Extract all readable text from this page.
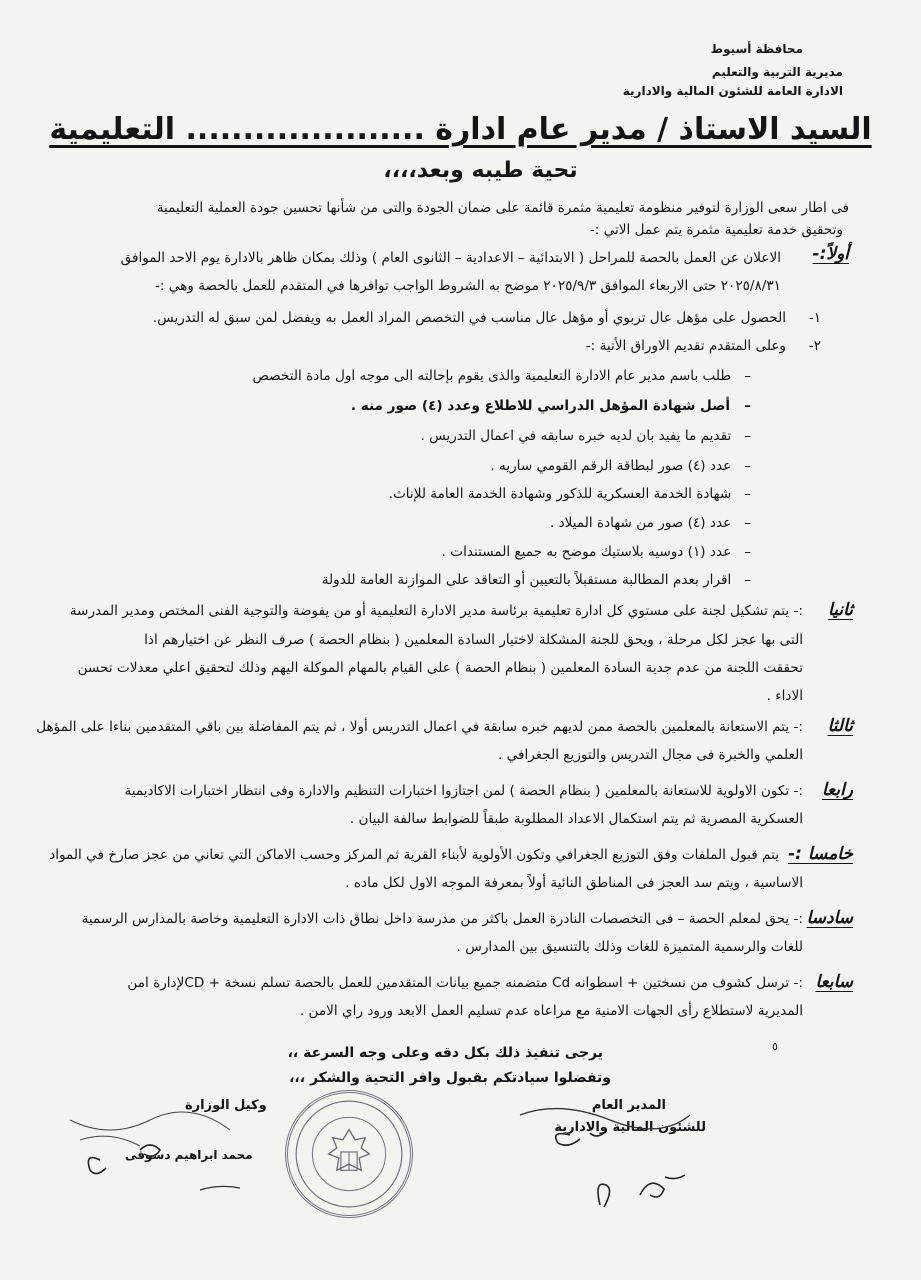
محافظة أسيوط
مديرية التربية والتعليم
الادارة العامة للشئون المالية والادارية
السيد الاستاذ / مدير عام ادارة ..................... التعليمية
تحية طيبه وبعد،،،،
فى اطار سعى الوزارة لتوفير منظومة تعليمية مثمرة قائمة على ضمان الجودة والتى من شأنها تحسين جودة العملية التعليمية
وتحقيق خدمة تعليمية مثمرة يتم عمل الاتي :-
أولاً:-
الاعلان عن العمل بالحصة للمراحل ( الابتدائية – الاعدادية – الثانوى العام ) وذلك بمكان ظاهر بالادارة يوم الاحد الموافق
٢٠٢٥/٨/٣١ حتى الاربعاء الموافق ٢٠٢٥/٩/٣ موضح به الشروط الواجب توافرها في المتقدم للعمل بالحصة وهي :-
١-
الحصول على مؤهل عال تربوي أو مؤهل عال مناسب في التخصص المراد العمل به ويفضل لمن سبق له التدريس.
٢-
وعلى المتقدم تقديم الاوراق الأتية :-
–   طلب باسم مدير عام الادارة التعليمية والذى يقوم بإحالته الى موجه اول مادة التخصص
–   أصل شهادة المؤهل الدراسي للاطلاع وعدد (٤) صور منه .
–   تقديم ما يفيد بان لديه خبره سابقه في اعمال التدريس .
–   عدد (٤) صور لبطاقة الرقم القومي ساريه .
–   شهادة الخدمة العسكرية للذكور وشهادة الخدمة العامة للإناث.
–   عدد (٤) صور من شهادة الميلاد .
–   عدد (١) دوسيه بلاستيك موضح به جميع المستندات .
–   اقرار بعدم المطالبة مستقبلاً بالتعيين أو التعاقد على الموازنة العامة للدولة
ثانيا
:- يتم تشكيل لجنة على مستوي كل ادارة تعليمية برئاسة مدير الادارة التعليمية أو من يفوضة والتوجية الفنى المختص ومدير المدرسة
التى بها عجز لكل مرحلة ، ويحق للجنة المشكلة لاختيار السادة المعلمين ( بنظام الحصة ) صرف النظر عن اختيارهم اذا
تحققت اللجنة من عدم جدية السادة المعلمين ( بنظام الحصة ) على القيام بالمهام الموكلة اليهم وذلك لتحقيق اعلي معدلات تحسن
الاداء .
ثالثا
:- يتم الاستعانة بالمعلمين بالحصة ممن لديهم خبره سابقة في اعمال التدريس أولا ، ثم يتم المفاضلة بين باقي المتقدمين بناءا على المؤهل
العلمي والخبرة فى مجال التدريس والتوزيع الجغرافي .
رابعا
:- تكون الاولوية للاستعانة بالمعلمين ( بنظام الحصة ) لمن اجتازوا اختبارات التنظيم والادارة وفى انتظار اختبارات الاكاديمية
العسكرية المصرية ثم يتم استكمال الاعداد المطلوبة طبقاً للضوابط سالفة البيان .
خامسا :-
يتم قبول الملفات وفق التوزيع الجغرافي وتكون الأولوية لأبناء القرية ثم المركز وحسب الاماكن التي تعاني من عجز صارخ في المواد
الاساسية ، ويتم سد العجز فى المناطق النائية أولاً بمعرفة الموجه الاول لكل ماده .
سادسا
:- يحق لمعلم الحصة – فى التخصصات النادرة العمل باكثر من مدرسة داخل نطاق ذات الادارة التعليمية وخاصة بالمدارس الرسمية
للغات والرسمية المتميزة للغات وذلك بالتنسيق بين المدارس .
سابعا
:- ترسل كشوف من نسختين + اسطوانه Cd متضمنه جميع بيانات المتقدمين للعمل بالحصة تسلم نسخة + CDلإدارة امن
المديرية لاستطلاع رأى الجهات الامنية مع مراعاه عدم تسليم العمل الابعد ورود راي الامن .
٥
يرجى تنفيذ ذلك بكل دقه وعلى وجه السرعة ،،
وتفضلوا سيادتكم بقبول وافر التحية والشكر ،،،
المدير العام
للشئون المالية والادارية
وكيل الوزارة
محمد ابراهيم دسوقى
